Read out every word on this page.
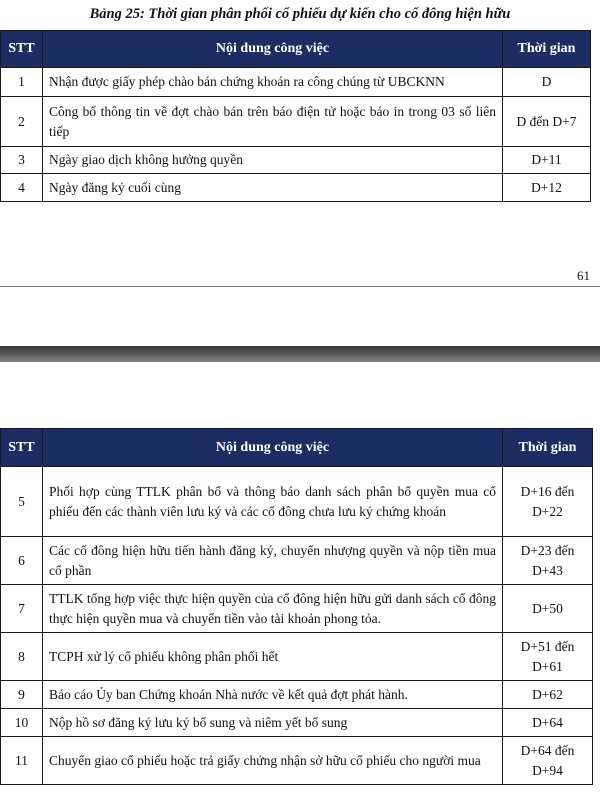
Bảng 25: Thời gian phân phối cổ phiếu dự kiến cho cổ đông hiện hữu
STT	Nội dung công việc	Thời gian
1	Nhận được giấy phép chào bán chứng khoán ra công chúng từ UBCKNN	D
2	Công bố thông tin về đợt chào bán trên báo điện tử hoặc báo in trong 03 số liên tiếp	D đến D+7
3	Ngày giao dịch không hưởng quyền	D+11
4	Ngày đăng ký cuối cùng	D+12
61
STT	Nội dung công việc	Thời gian
5	Phối hợp cùng TTLK phân bổ và thông báo danh sách phân bổ quyền mua cổ phiếu đến các thành viên lưu ký và các cổ đông chưa lưu ký chứng khoán	D+16 đến D+22
6	Các cổ đông hiện hữu tiến hành đăng ký, chuyển nhượng quyền và nộp tiền mua cổ phần	D+23 đến D+43
7	TTLK tổng hợp việc thực hiện quyền của cổ đông hiện hữu gửi danh sách cổ đông thực hiện quyền mua và chuyển tiền vào tài khoản phong tỏa.	D+50
8	TCPH xử lý cổ phiếu không phân phối hết	D+51 đến D+61
9	Báo cáo Ủy ban Chứng khoán Nhà nước về kết quả đợt phát hành.	D+62
10	Nộp hồ sơ đăng ký lưu ký bổ sung và niêm yết bổ sung	D+64
11	Chuyển giao cổ phiếu hoặc trả giấy chứng nhận sở hữu cổ phiếu cho người mua	D+64 đến D+94
